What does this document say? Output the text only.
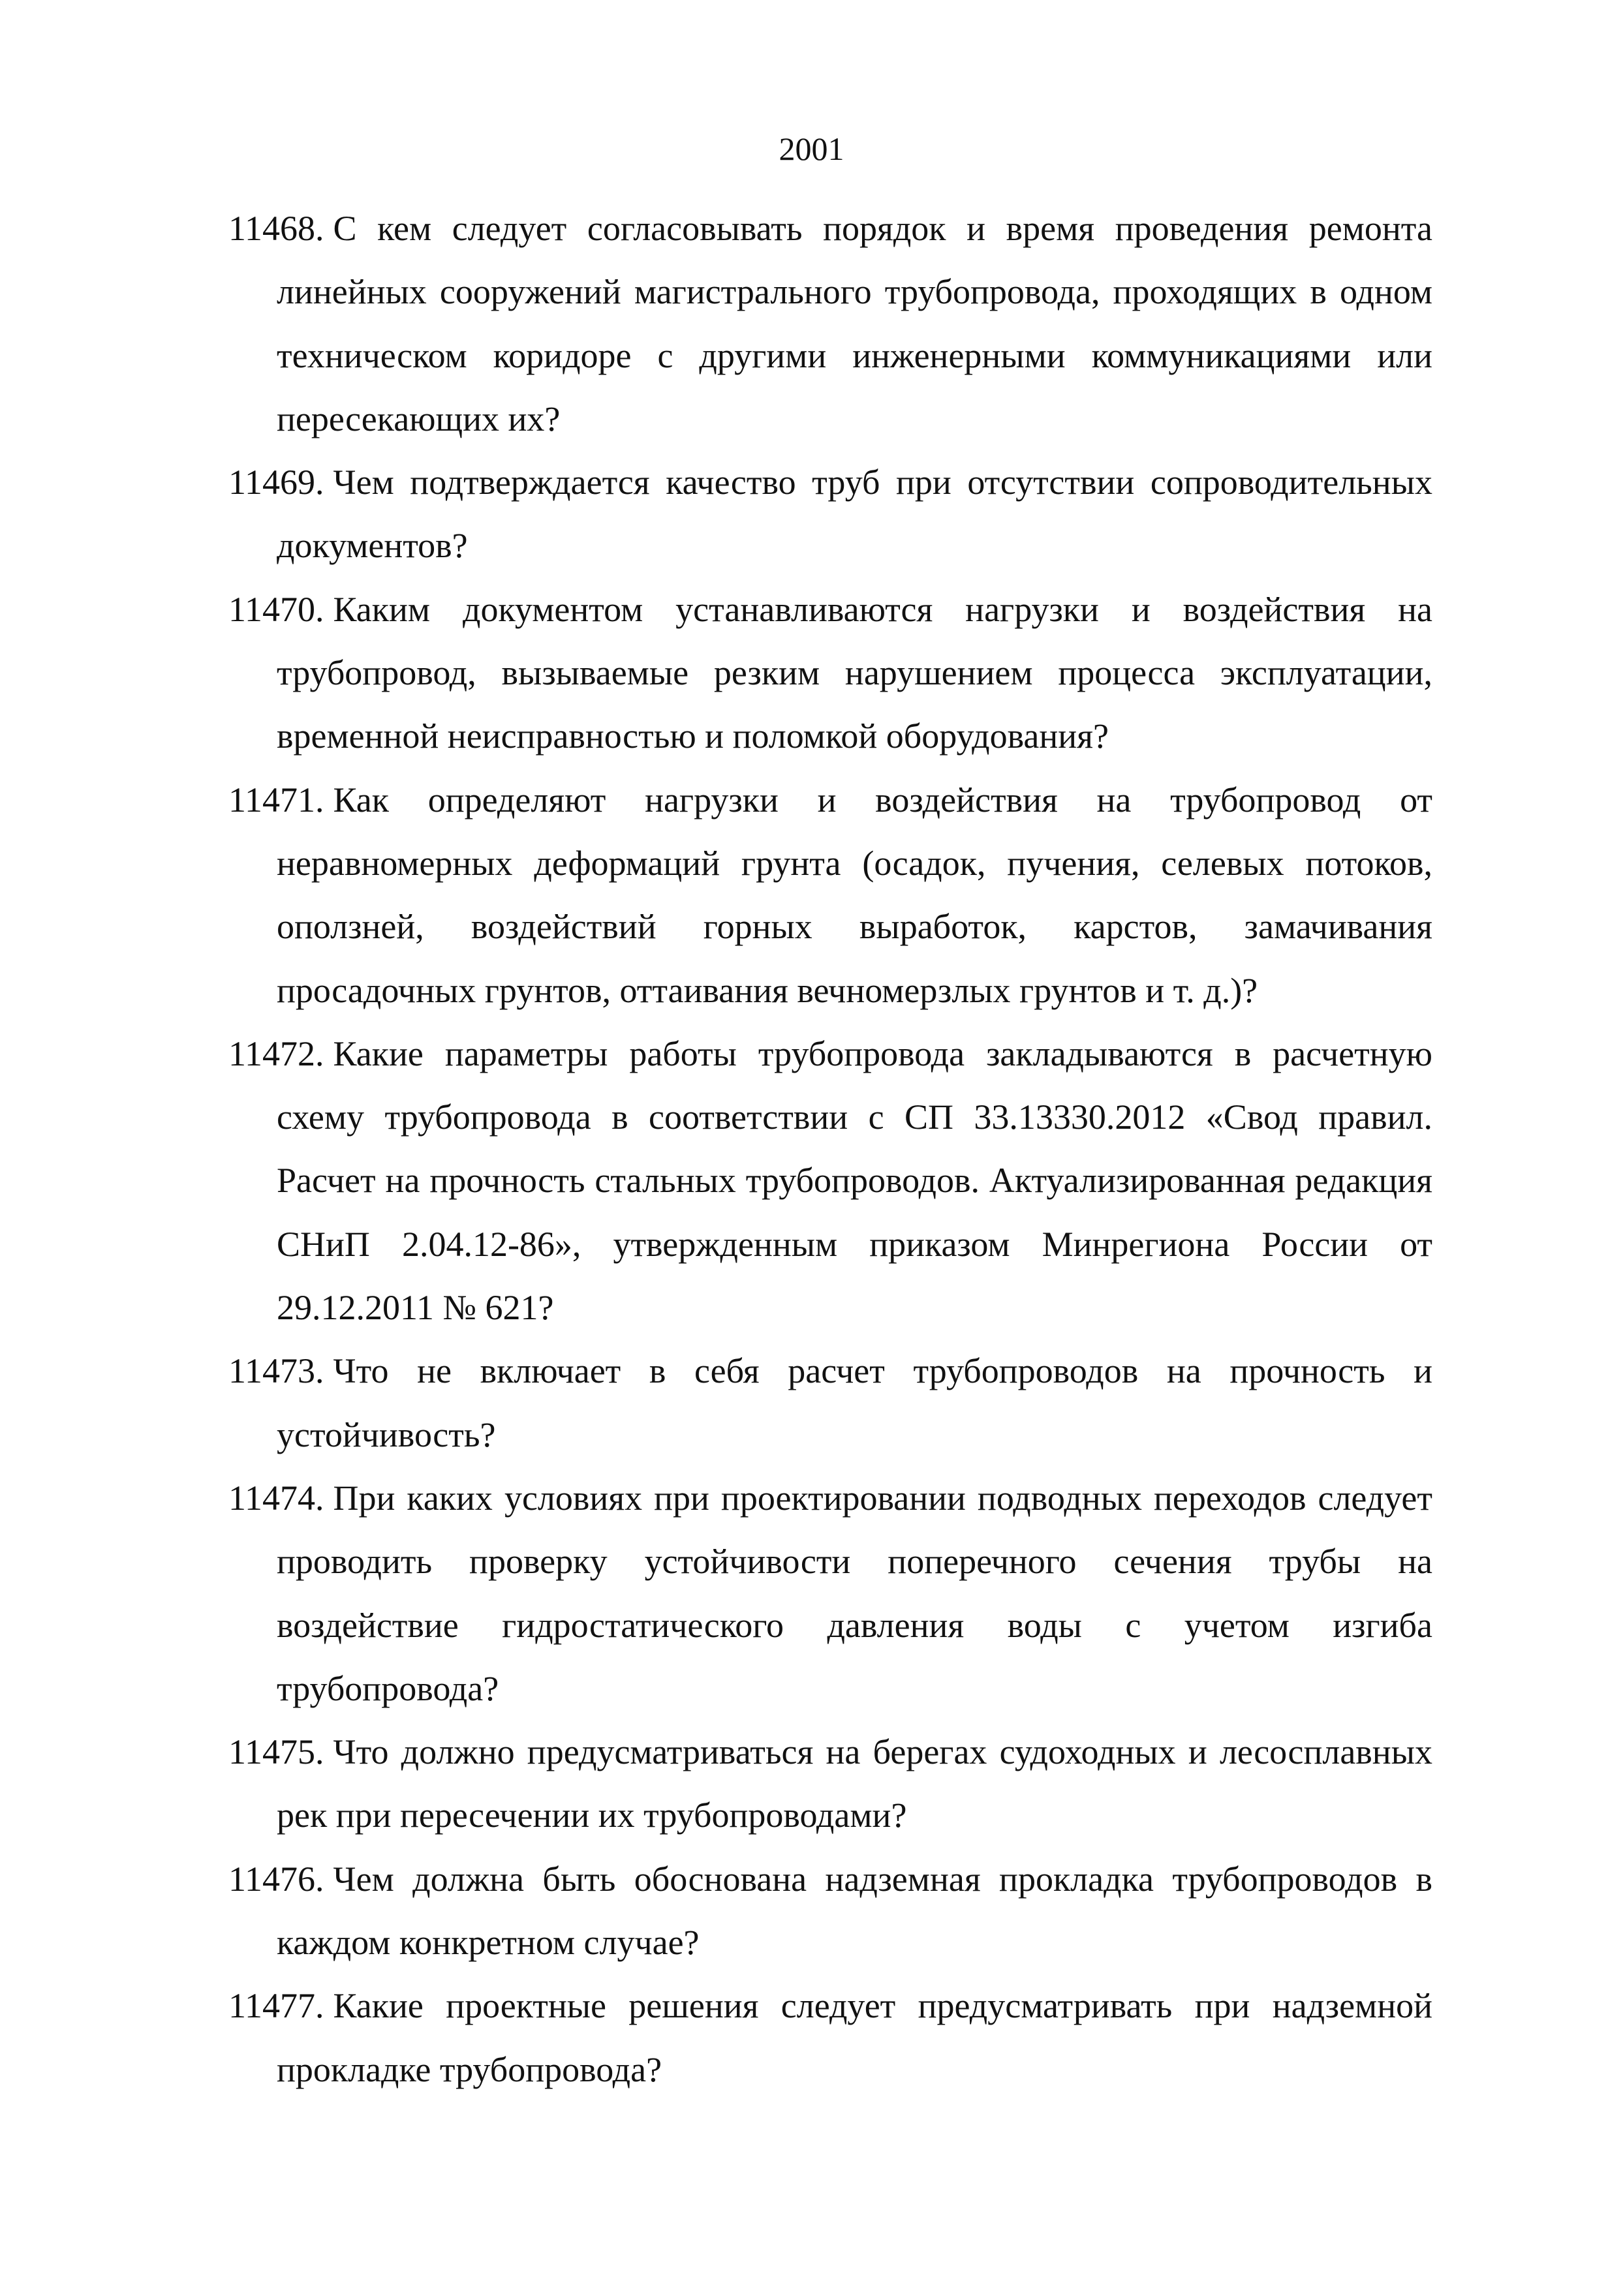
2001
11468. С кем следует согласовывать порядок и время проведения ремонта линейных сооружений магистрального трубопровода, проходящих в одном техническом коридоре с другими инженерными коммуникациями или пересекающих их?
11469. Чем подтверждается качество труб при отсутствии сопроводительных документов?
11470. Каким документом устанавливаются нагрузки и воздействия на трубопровод, вызываемые резким нарушением процесса эксплуатации, временной неисправностью и поломкой оборудования?
11471. Как определяют нагрузки и воздействия на трубопровод от неравномерных деформаций грунта (осадок, пучения, селевых потоков, оползней, воздействий горных выработок, карстов, замачивания просадочных грунтов, оттаивания вечномерзлых грунтов и т. д.)?
11472. Какие параметры работы трубопровода закладываются в расчетную схему трубопровода в соответствии с СП 33.13330.2012 «Свод правил. Расчет на прочность стальных трубопроводов. Актуализированная редакция СНиП 2.04.12-86», утвержденным приказом Минрегиона России от 29.12.2011 № 621?
11473. Что не включает в себя расчет трубопроводов на прочность и устойчивость?
11474. При каких условиях при проектировании подводных переходов следует проводить проверку устойчивости поперечного сечения трубы на воздействие гидростатического давления воды с учетом изгиба трубопровода?
11475. Что должно предусматриваться на берегах судоходных и лесосплавных рек при пересечении их трубопроводами?
11476. Чем должна быть обоснована надземная прокладка трубопроводов в каждом конкретном случае?
11477. Какие проектные решения следует предусматривать при надземной прокладке трубопровода?
